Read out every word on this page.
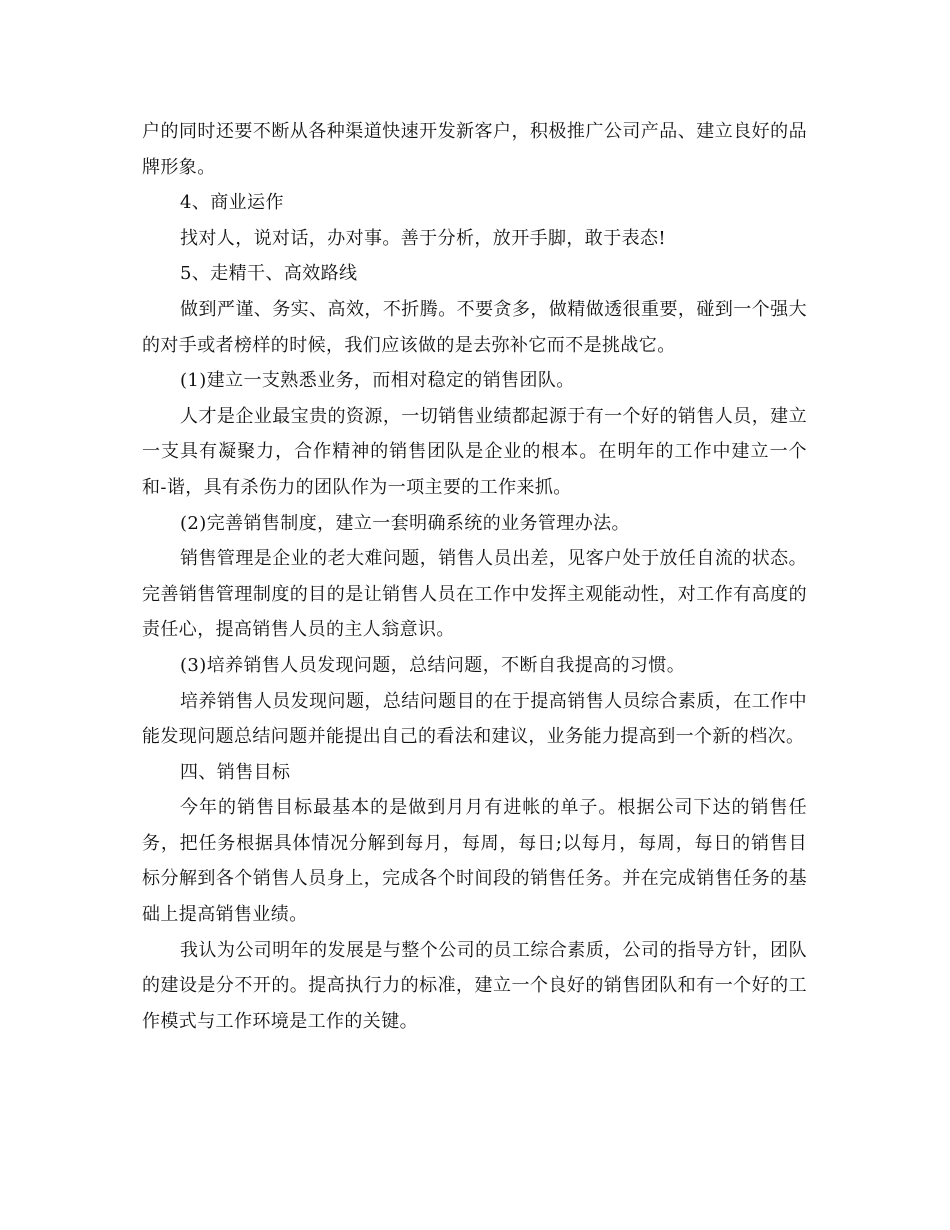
户的同时还要不断从各种渠道快速开发新客户，积极推广公司产品、建立良好的品牌形象。

4、商业运作

找对人，说对话，办对事。善于分析，放开手脚，敢于表态!

5、走精干、高效路线

做到严谨、务实、高效，不折腾。不要贪多，做精做透很重要，碰到一个强大的对手或者榜样的时候，我们应该做的是去弥补它而不是挑战它。

(1)建立一支熟悉业务，而相对稳定的销售团队。

人才是企业最宝贵的资源，一切销售业绩都起源于有一个好的销售人员，建立一支具有凝聚力，合作精神的销售团队是企业的根本。在明年的工作中建立一个和-谐，具有杀伤力的团队作为一项主要的工作来抓。

(2)完善销售制度，建立一套明确系统的业务管理办法。

销售管理是企业的老大难问题，销售人员出差，见客户处于放任自流的状态。完善销售管理制度的目的是让销售人员在工作中发挥主观能动性，对工作有高度的责任心，提高销售人员的主人翁意识。

(3)培养销售人员发现问题，总结问题，不断自我提高的习惯。

培养销售人员发现问题，总结问题目的在于提高销售人员综合素质，在工作中能发现问题总结问题并能提出自己的看法和建议，业务能力提高到一个新的档次。

四、销售目标

今年的销售目标最基本的是做到月月有进帐的单子。根据公司下达的销售任务，把任务根据具体情况分解到每月，每周，每日;以每月，每周，每日的销售目标分解到各个销售人员身上，完成各个时间段的销售任务。并在完成销售任务的基础上提高销售业绩。

我认为公司明年的发展是与整个公司的员工综合素质，公司的指导方针，团队的建设是分不开的。提高执行力的标准，建立一个良好的销售团队和有一个好的工作模式与工作环境是工作的关键。
